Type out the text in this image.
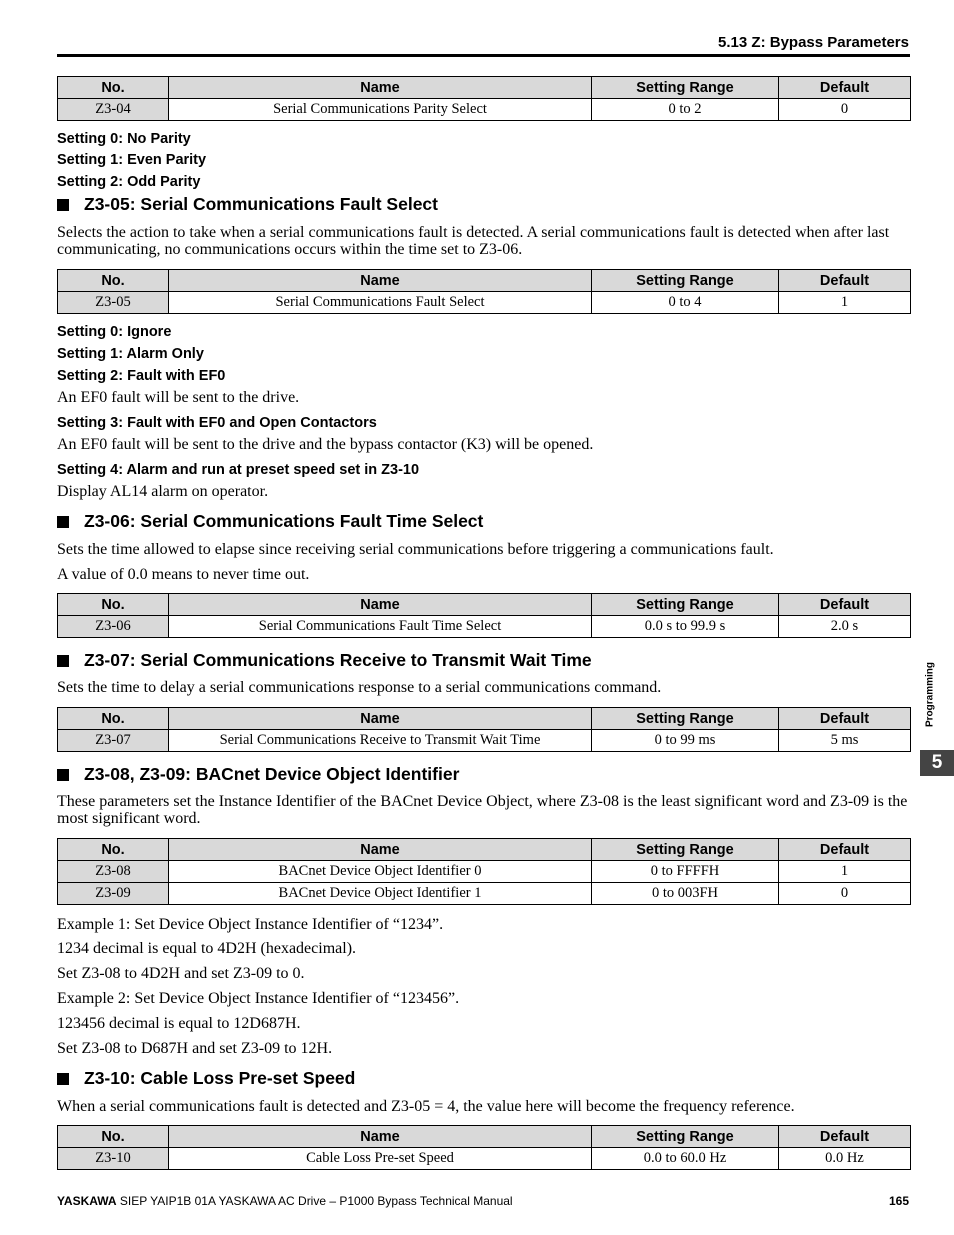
5.13 Z: Bypass Parameters
No.	Name	Setting Range	Default
Z3-04	Serial Communications Parity Select	0 to 2	0
Setting 0: No Parity
Setting 1: Even Parity
Setting 2: Odd Parity
Z3-05: Serial Communications Fault Select
Selects the action to take when a serial communications fault is detected. A serial communications fault is detected when after last communicating, no communications occurs within the time set to Z3-06.
No.	Name	Setting Range	Default
Z3-05	Serial Communications Fault Select	0 to 4	1
Setting 0: Ignore
Setting 1: Alarm Only
Setting 2: Fault with EF0
An EF0 fault will be sent to the drive.
Setting 3: Fault with EF0 and Open Contactors
An EF0 fault will be sent to the drive and the bypass contactor (K3) will be opened.
Setting 4: Alarm and run at preset speed set in Z3-10
Display AL14 alarm on operator.
Z3-06: Serial Communications Fault Time Select
Sets the time allowed to elapse since receiving serial communications before triggering a communications fault.
A value of 0.0 means to never time out.
No.	Name	Setting Range	Default
Z3-06	Serial Communications Fault Time Select	0.0 s to 99.9 s	2.0 s
Z3-07: Serial Communications Receive to Transmit Wait Time
Sets the time to delay a serial communications response to a serial communications command.
No.	Name	Setting Range	Default
Z3-07	Serial Communications Receive to Transmit Wait Time	0 to 99 ms	5 ms
Z3-08, Z3-09: BACnet Device Object Identifier
These parameters set the Instance Identifier of the BACnet Device Object, where Z3-08 is the least significant word and Z3-09 is the most significant word.
No.	Name	Setting Range	Default
Z3-08	BACnet Device Object Identifier 0	0 to FFFFH	1
Z3-09	BACnet Device Object Identifier 1	0 to 003FH	0
Example 1: Set Device Object Instance Identifier of “1234”.
1234 decimal is equal to 4D2H (hexadecimal).
Set Z3-08 to 4D2H and set Z3-09 to 0.
Example 2: Set Device Object Instance Identifier of “123456”.
123456 decimal is equal to 12D687H.
Set Z3-08 to D687H and set Z3-09 to 12H.
Z3-10: Cable Loss Pre-set Speed
When a serial communications fault is detected and Z3-05 = 4, the value here will become the frequency reference.
No.	Name	Setting Range	Default
Z3-10	Cable Loss Pre-set Speed	0.0 to 60.0 Hz	0.0 Hz
Programming
5
YASKAWA SIEP YAIP1B 01A YASKAWA AC Drive – P1000 Bypass Technical Manual	165
